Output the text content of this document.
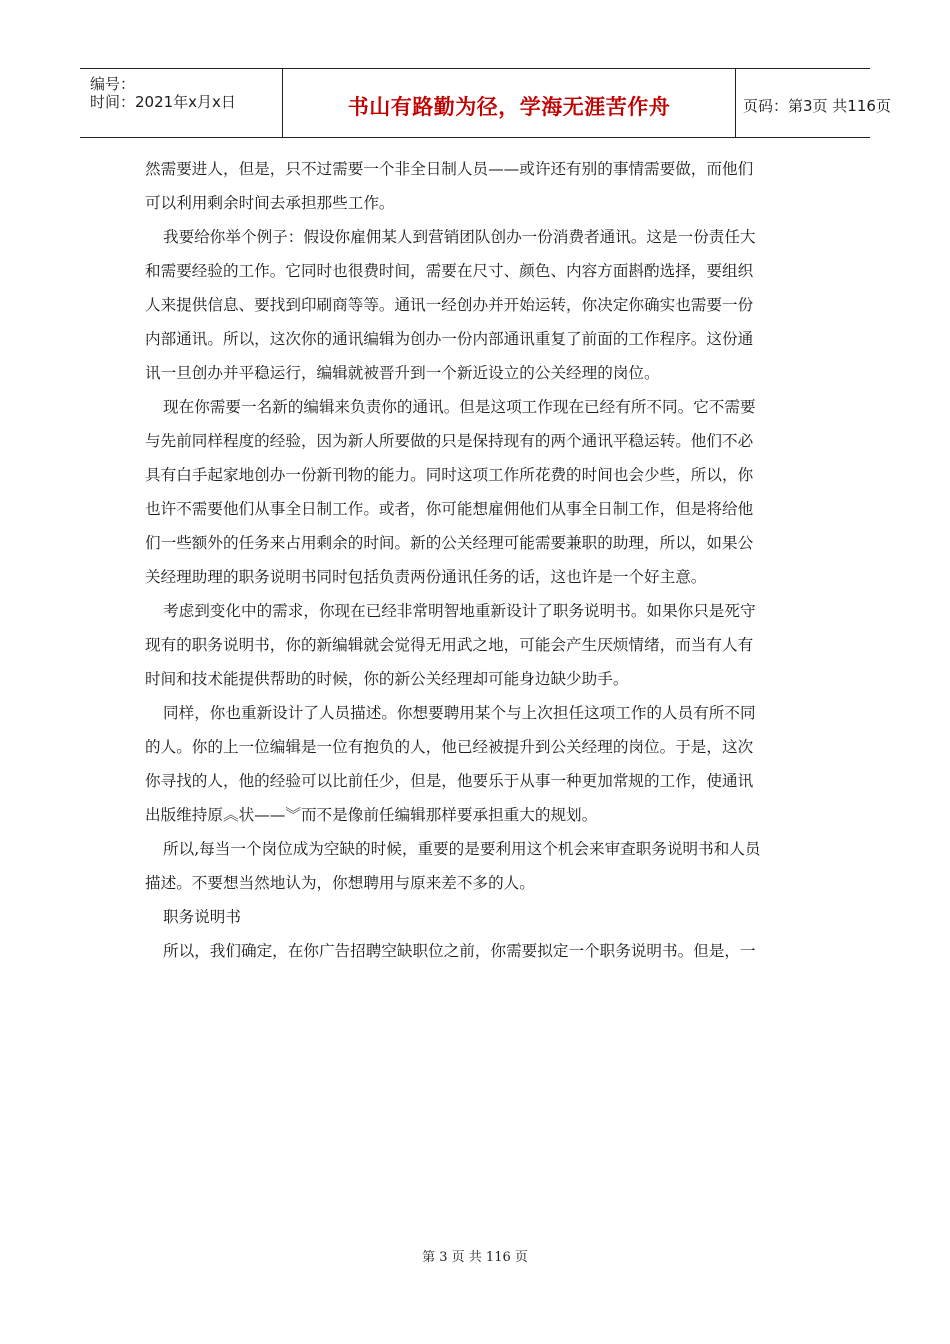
编号：
时间：2021年x月x日	书山有路勤为径，学海无涯苦作舟	页码：第3页 共116页
然需要进人，但是，只不过需要一个非全日制人员——或许还有别的事情需要做，而他们
可以利用剩余时间去承担那些工作。
我要给你举个例子：假设你雇佣某人到营销团队创办一份消费者通讯。这是一份责任大
和需要经验的工作。它同时也很费时间，需要在尺寸、颜色、内容方面斟酌选择，要组织
人来提供信息、要找到印刷商等等。通讯一经创办并开始运转，你决定你确实也需要一份
内部通讯。所以，这次你的通讯编辑为创办一份内部通讯重复了前面的工作程序。这份通
讯一旦创办并平稳运行，编辑就被晋升到一个新近设立的公关经理的岗位。
现在你需要一名新的编辑来负责你的通讯。但是这项工作现在已经有所不同。它不需要
与先前同样程度的经验，因为新人所要做的只是保持现有的两个通讯平稳运转。他们不必
具有白手起家地创办一份新刊物的能力。同时这项工作所花费的时间也会少些，所以，你
也许不需要他们从事全日制工作。或者，你可能想雇佣他们从事全日制工作，但是将给他
们一些额外的任务来占用剩余的时间。新的公关经理可能需要兼职的助理，所以，如果公
关经理助理的职务说明书同时包括负责两份通讯任务的话，这也许是一个好主意。
考虑到变化中的需求，你现在已经非常明智地重新设计了职务说明书。如果你只是死守
现有的职务说明书，你的新编辑就会觉得无用武之地，可能会产生厌烦情绪，而当有人有
时间和技术能提供帮助的时候，你的新公关经理却可能身边缺少助手。
同样，你也重新设计了人员描述。你想要聘用某个与上次担任这项工作的人员有所不同
的人。你的上一位编辑是一位有抱负的人，他已经被提升到公关经理的岗位。于是，这次
你寻找的人，他的经验可以比前任少，但是，他要乐于从事一种更加常规的工作，使通讯
出版维持原︽状——︾而不是像前任编辑那样要承担重大的规划。
所以,每当一个岗位成为空缺的时候，重要的是要利用这个机会来审查职务说明书和人员
描述。不要想当然地认为，你想聘用与原来差不多的人。
职务说明书
所以，我们确定，在你广告招聘空缺职位之前，你需要拟定一个职务说明书。但是，一
第 3 页 共 116 页
